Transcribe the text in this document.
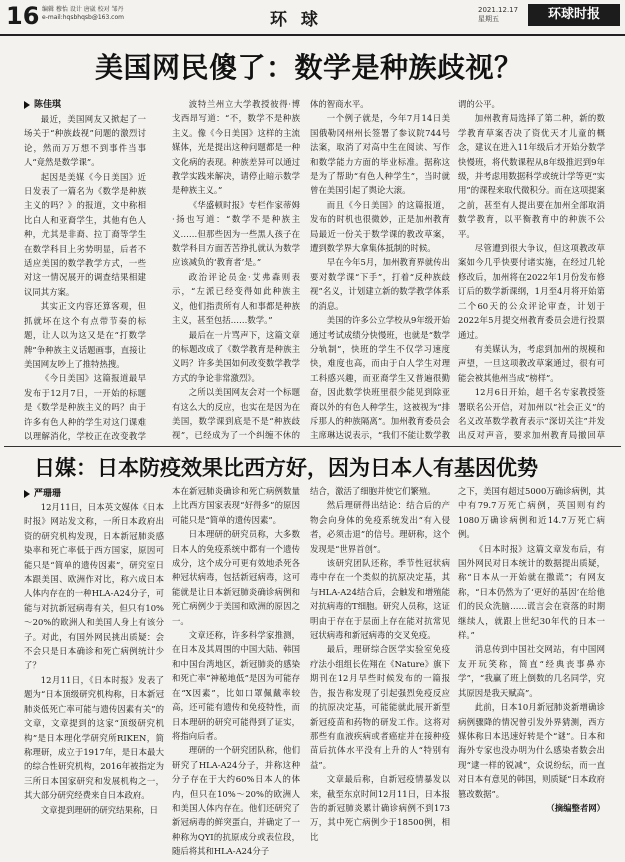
16 编辑 穆怡 设计 唐崴 校对 邹丹
e-mail:hqsbhqsb@163.com	环 球	2021.12.17
星期五	环球时报
美国网民傻了：数学是种族歧视？
陈佳琪

最近，美国网友又掀起了一场关于“种族歧视”问题的激烈讨论，然而万万想不到事件当事人“竟然是数学课”。

起因是美媒《今日美国》近日发表了一篇名为《数学是种族主义的吗？》的报道，文中称相比白人和亚裔学生，其他有色人种，尤其是非裔、拉丁裔等学生在数学科目上劣势明显，后者不适应美国的数学教学方式，一些对这一情况展开的调查结果相建议同其方案。

其实正文内容还算客观，但抓就坏在这个有点带节奏的标题，让人以为这又是在“打数学牌”争种族主义话题画事，直接让美国网友吵上了推特热搜。

《今日美国》这篇报道最早发布于12月7日，一开始的标题是《数学是种族主义的吗？由于许多有色人种的学生对这门课难以理解消化，学校正在改变教学

波特兰州立大学教授彼得·博戈西昂写道：“不，数学不是种族主义。像《今日美国》这样的主流媒体，光是提出这种问题都是一种文化病的表现。种族差异可以通过教学实践来解决，请停止暗示数学是种族主义。”

《华盛顿时报》专栏作家蒂姆·扬也写道：“数学不是种族主义……但那些因为一些黑人孩子在数学科目方面苦苦挣扎就认为数学应该减负的‘教育者’是。”

政治评论员金·艾弗森则表示，“左派已经变得如此种族主义，他们指责所有人和事都是种族主义，甚至包括……数学。”

最后在一片骂声下，这篇文章的标题改成了《数学教育是种族主义吗？许多美国如何改变数学教学方式的争论非常激烈》。

之所以美国网友会对一个标题有这么大的反应，也实在是因为在美国，数学课到底是不是“种族歧视”，已经成为了一个纠缠不休的

体的智商水平。

一个例子就是，今年7月14日美国俄勒冈州州长签署了参议院744号法案，取消了对高中生在阅读、写作和数学能力方面的毕业标准。据称这是为了帮助“有色人种学生”，当时就曾在美国引起了舆论大滚。

而且《今日美国》的这篇报道，发布的时机也很微妙，正是加州教育局最近一份关于数学课的教改草案，遭到数学界大拿集体抵制的时候。

早在今年5月，加州教育界就传出要对数学课“下手”，打着“反种族歧视”名义，计划建立新的数学教学体系的消息。

美国的许多公立学校从9年级开始通过考试成绩分快慢班，也就是“数学分轨制”，快班的学生不仅学习速度快，难度也高，而由于白人学生对理工科感兴趣，而亚裔学生又普遍很勤奋，因此数学快班里很少能见到除亚裔以外的有色人种学生，这被视为“排斥那人的种族隔离”。加州教育委员会主席琳达说表示，“我们不能让数学教

谓的公平。

加州教育局选择了第二种，新的数学教育草案否决了资优天才儿童的概念，建议在进入11年级后才开始分数学快慢班，将代数课程从8年级推迟到9年级，并考虑用数据科学或统计学等更“实用”的课程来取代微积分。而在这项提案之前，甚至有人提出要在加州全部取消数学教育，以平衡教育中的种族不公平。

尽管遭到很大争议，但这项教改草案如今几乎快要付诸实施，在经过几轮修改后，加州将在2022年1月份发布修订后的数学新课纲，1月至4月将开始第二个60天的公众评论审查，计划于2022年5月提交州教育委员会进行投票通过。

有美媒认为，考虑到加州的规模和声望，一旦这项教改草案通过，很有可能会被其他州当成“榜样”。

12月6日开始，超千名专家教授签署联名公开信，对加州以“社会正义”的名义改革数学教育表示“深切关注”并发出反对声音，要求加州教育局撤回草

日媒：日本防疫效果比西方好，因为日本人有基因优势
严珊珊

12月11日，日本英文媒体《日本时报》网站发文称，一所日本政府出资的研究机构发现，日本新冠肺炎感染率和死亡率低于西方国家，原因可能只是“简单的遗传因素”，研究室日本跟美国、欧洲作对比，称六成日本人体内存在的一种HLA-A24分子，可能与对抗新冠病毒有关，但只有10%～20%的欧洲人和美国人身上有该分子。对此，有国外网民挑出质疑：会不会只是日本确诊和死亡病例统计少了？

12月11日，《日本时报》发表了题为“日本顶级研究机构称，日本新冠肺炎低死亡率可能与遗传因素有关”的文章，文章提到的这家“顶级研究机构”是日本理化学研究所RIKEN，简称理研，成立于1917年，是日本最大的综合性研究机构，2016年被指定为三所日本国家研究和发展机构之一，其大部分研究经费来自日本政府。

文章提到理研的研究结果称，日

本在新冠肺炎确诊和死亡病例数量上比西方国家表现“好得多”的原因可能只是“简单的遗传因素”。

日本理研的研究员称，大多数日本人的免疫系统中都有一个遗传成分，这个成分可更有效地杀死各种冠状病毒，包括新冠病毒，这可能就是让日本新冠肺炎确诊病例和死亡病例少于美国和欧洲的原因之一。

文章还称，许多科学家推测，在日本及其周围的中国大陆、韩国和中国台湾地区，新冠肺炎的感染和死亡率“神秘地低”是因为可能存在“X因素”，比如口罩佩戴率较高，还可能有遗传和免疫特性，而日本理研的研究可能得到了证实，将指向后者。

理研的一个研究团队称，他们研究了HLA-A24分子，并称这种分子存在于大约60%日本人的体内，但只在10%～20%的欧洲人和美国人体内存在。他们还研究了新冠病毒的鲜突蛋白，并确定了一种称为QYI的抗原成分或表位段，随后将其和HLA-A24分子

结合，激活了细胞并使它们繁殖。

然后理研得出结论：结合后的产物会向身体的免疫系统发出“有入侵者，必须击退”的信号。理研称，这个发现是“世界首创”。

该研究团队还称，季节性冠状病毒中存在一个类似的抗原决定基，其与HLA-A24结合后，会触发和增殖能对抗病毒的T细胞。研究人员称，这证明由于存在于层面上存在能对抗常见冠状病毒和新冠病毒的交叉免疫。

最后，理研综合医学实验室免疫疗法小组组长佐翔在《Nature》旗下期刊在12月早些时候发布的一篇报告，报告称发现了引起强烈免疫反应的抗原决定基，可能能就此展开新型新冠疫苗和药物的研发工作。这将对那些有血液疾病或者癌症并在接种疫苗后抗体水平没有上升的人“特别有益”。

文章最后称，自新冠疫情暴发以来，截至东京时间12月11日，日本报告的新冠肺炎累计确诊病例不到173万，其中死亡病例少于18500例，相比

之下，美国有超过5000万确诊病例，其中有79.7万死亡病例，英国则有约1080万确诊病例和近14.7万死亡病例。

《日本时报》这篇文章发布后，有国外网民对日本统计的数据提出质疑，称“日本从一开始就在撒谎”；有网友称，“日本仍然为了‘更好的基因’在给他们的民众洗脑……谎言会在衰落的时期继续人，就跟上世纪30年代的日本一样。”

消息传到中国社交网站，有中国网友开玩笑称，简直“经典丧事鼻亦学”，“我赢了班上倒数的几名同学，究其原因是我天赋高”。

此前，日本10月新冠肺炎新增确诊病例骤降的情况曾引发外界猜测，西方媒体称日本迅速好转是个“谜”。日本和海外专家也没办明为什么感染者数会出现“逮一样的锐减”，众说纷纭，而一直对日本有意见的韩国，则质疑“日本政府篡改数据”。

（摘编整者网）
